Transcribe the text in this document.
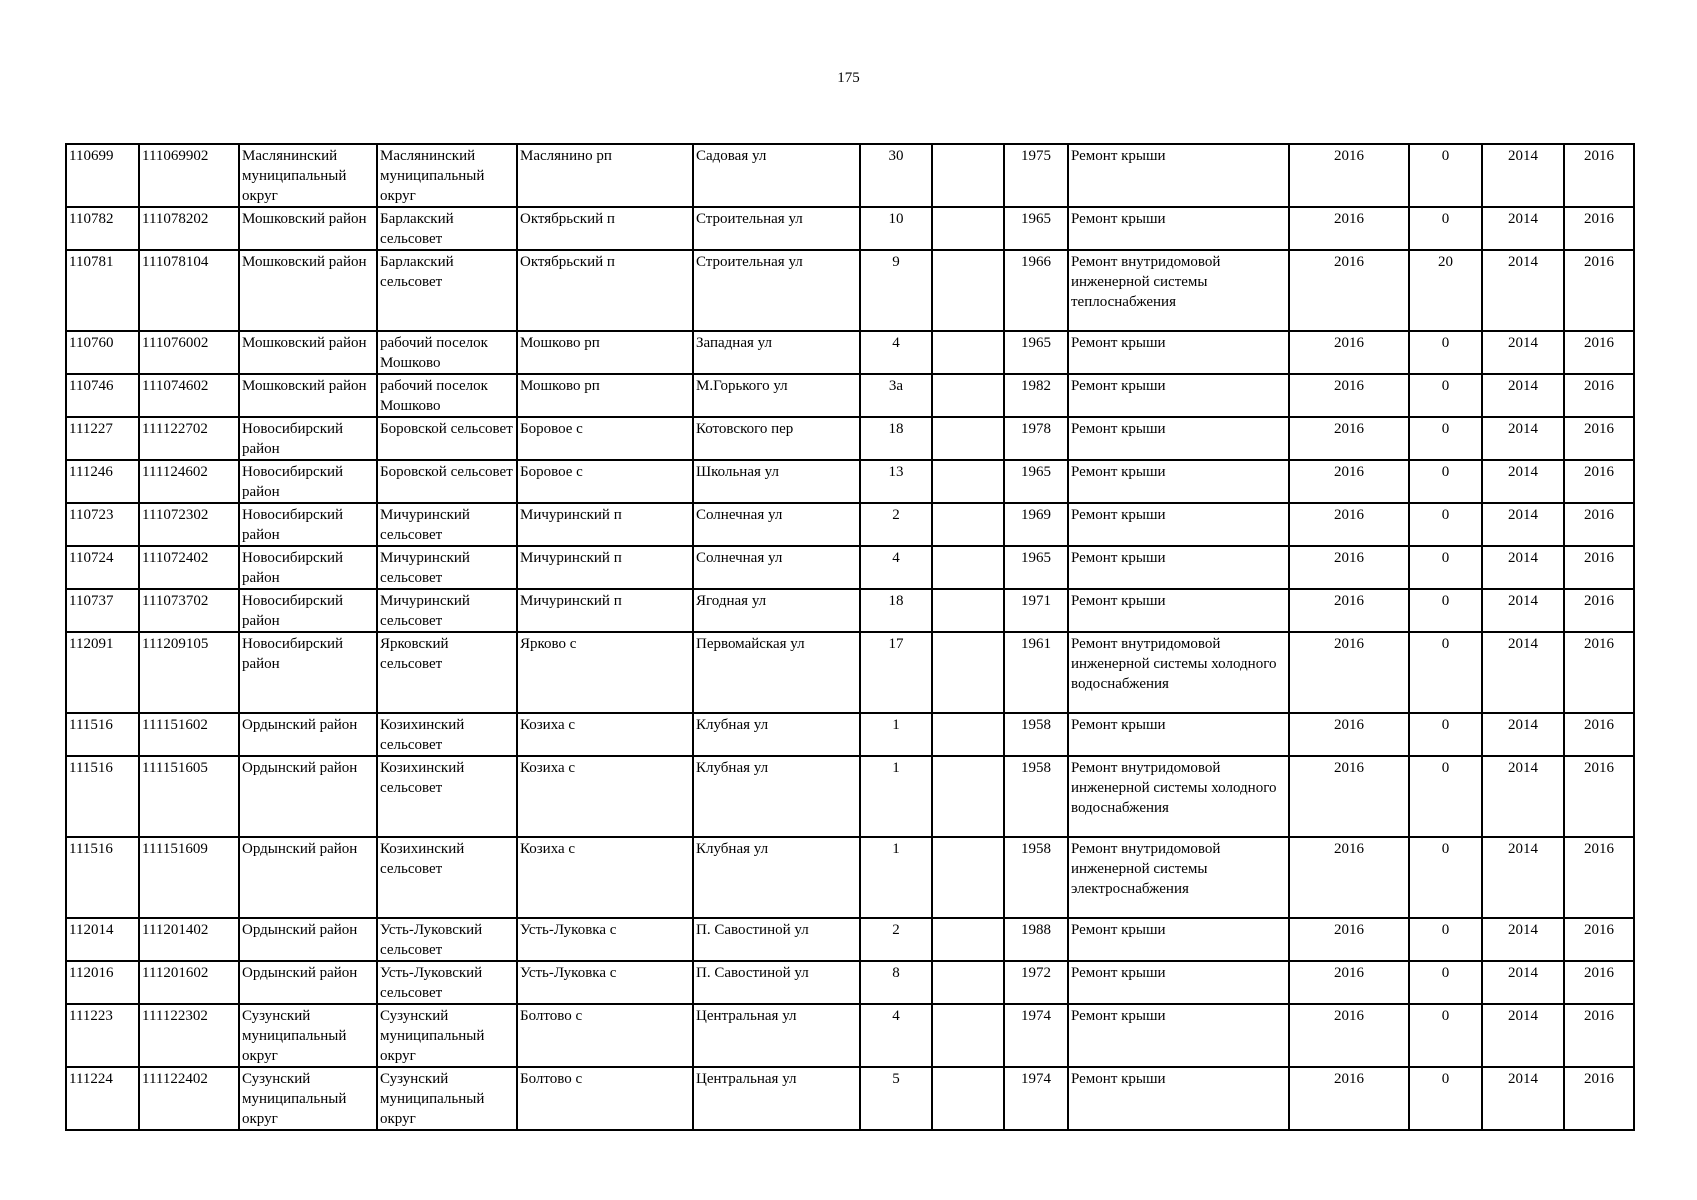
175
110699	111069902	Маслянинский муниципальный округ	Маслянинский муниципальный округ	Маслянино рп	Садовая ул	30		1975	Ремонт крыши	2016	0	2014	2016
110782	111078202	Мошковский район	Барлакский сельсовет	Октябрьский п	Строительная ул	10		1965	Ремонт крыши	2016	0	2014	2016
110781	111078104	Мошковский район	Барлакский сельсовет	Октябрьский п	Строительная ул	9		1966	Ремонт внутридомовой инженерной системы теплоснабжения	2016	20	2014	2016
110760	111076002	Мошковский район	рабочий поселок Мошково	Мошково рп	Западная ул	4		1965	Ремонт крыши	2016	0	2014	2016
110746	111074602	Мошковский район	рабочий поселок Мошково	Мошково рп	М.Горького ул	3а		1982	Ремонт крыши	2016	0	2014	2016
111227	111122702	Новосибирский район	Боровской сельсовет	Боровое с	Котовского пер	18		1978	Ремонт крыши	2016	0	2014	2016
111246	111124602	Новосибирский район	Боровской сельсовет	Боровое с	Школьная ул	13		1965	Ремонт крыши	2016	0	2014	2016
110723	111072302	Новосибирский район	Мичуринский сельсовет	Мичуринский п	Солнечная ул	2		1969	Ремонт крыши	2016	0	2014	2016
110724	111072402	Новосибирский район	Мичуринский сельсовет	Мичуринский п	Солнечная ул	4		1965	Ремонт крыши	2016	0	2014	2016
110737	111073702	Новосибирский район	Мичуринский сельсовет	Мичуринский п	Ягодная ул	18		1971	Ремонт крыши	2016	0	2014	2016
112091	111209105	Новосибирский район	Ярковский сельсовет	Ярково с	Первомайская ул	17		1961	Ремонт внутридомовой инженерной системы холодного водоснабжения	2016	0	2014	2016
111516	111151602	Ордынский район	Козихинский сельсовет	Козиха с	Клубная ул	1		1958	Ремонт крыши	2016	0	2014	2016
111516	111151605	Ордынский район	Козихинский сельсовет	Козиха с	Клубная ул	1		1958	Ремонт внутридомовой инженерной системы холодного водоснабжения	2016	0	2014	2016
111516	111151609	Ордынский район	Козихинский сельсовет	Козиха с	Клубная ул	1		1958	Ремонт внутридомовой инженерной системы электроснабжения	2016	0	2014	2016
112014	111201402	Ордынский район	Усть-Луковский сельсовет	Усть-Луковка с	П. Савостиной ул	2		1988	Ремонт крыши	2016	0	2014	2016
112016	111201602	Ордынский район	Усть-Луковский сельсовет	Усть-Луковка с	П. Савостиной ул	8		1972	Ремонт крыши	2016	0	2014	2016
111223	111122302	Сузунский муниципальный округ	Сузунский муниципальный округ	Болтово с	Центральная ул	4		1974	Ремонт крыши	2016	0	2014	2016
111224	111122402	Сузунский муниципальный округ	Сузунский муниципальный округ	Болтово с	Центральная ул	5		1974	Ремонт крыши	2016	0	2014	2016
